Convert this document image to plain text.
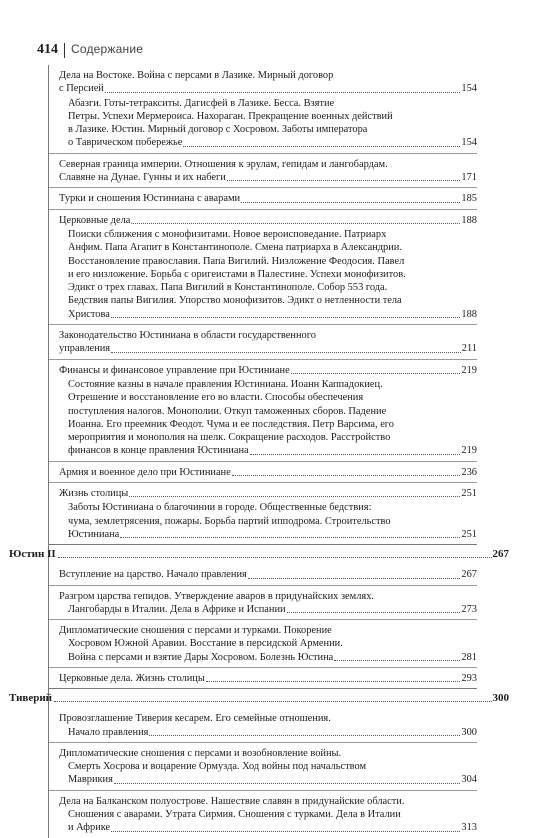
414 Содержание
Дела на Востоке. Война с персами в Лазике. Мирный договор
с Персией	154
Абазги. Готы-тетракситы. Дагисфей в Лазике. Бесса. Взятие
Петры. Успехи Мермероиса. Нахораган. Прекращение военных действий
в Лазике. Юстин. Мирный договор с Хосровом. Заботы императора
о Таврическом побережье	154
Северная граница империи. Отношения к эрулам, гепидам и лангобардам.
Славяне на Дунае. Гунны и их набеги	171
Турки и сношения Юстиниана с аварами	185
Церковные дела	188
Поиски сближения с монофизитами. Новое вероисповедание. Патриарх
Анфим. Папа Агапит в Константинополе. Смена патриарха в Александрии.
Восстановление православия. Папа Вигилий. Низложение Феодосия. Павел
и его низложение. Борьба с оригеистами в Палестине. Успехи монофизитов.
Эдикт о трех главах. Папа Вигилий в Константинополе. Собор 553 года.
Бедствия папы Вигилия. Упорство монофизитов. Эдикт о нетленности тела
Христова	188
Законодательство Юстиниана в области государственного
управления	211
Финансы и финансовое управление при Юстиниане	219
Состояние казны в начале правления Юстиниана. Иоанн Каппадокиец.
Отрешение и восстановление его во власти. Способы обеспечения
поступления налогов. Монополии. Откуп таможенных сборов. Падение
Иоанна. Его преемник Феодот. Чума и ее последствия. Петр Варсима, его
мероприятия и монополия на шелк. Сокращение расходов. Расстройство
финансов в конце правления Юстиниана	219
Армия и военное дело при Юстиниане	236
Жизнь столицы	251
Заботы Юстиниана о благочинии в городе. Общественные бедствия:
чума, землетрясения, пожары. Борьба партий ипподрома. Строительство
Юстиниана	251
Юстин II	267
Вступление на царство. Начало правления	267
Разгром царства гепидов. Утверждение аваров в придунайских землях.
Лангобарды в Италии. Дела в Африке и Испании	273
Дипломатические сношения с персами и турками. Покорение
Хосровом Южной Аравии. Восстание в персидской Армении.
Война с персами и взятие Дары Хосровом. Болезнь Юстина	281
Церковные дела. Жизнь столицы	293
Тиверий	300
Провозглашение Тиверия кесарем. Его семейные отношения.
Начало правления	300
Дипломатические сношения с персами и возобновление войны.
Смерть Хосрова и воцарение Ормузда. Ход войны под начальством
Маврикия	304
Дела на Балканском полуострове. Нашествие славян в придунайские области.
Сношения с аварами. Утрата Сирмия. Сношения с турками. Дела в Италии
и Африке	313
